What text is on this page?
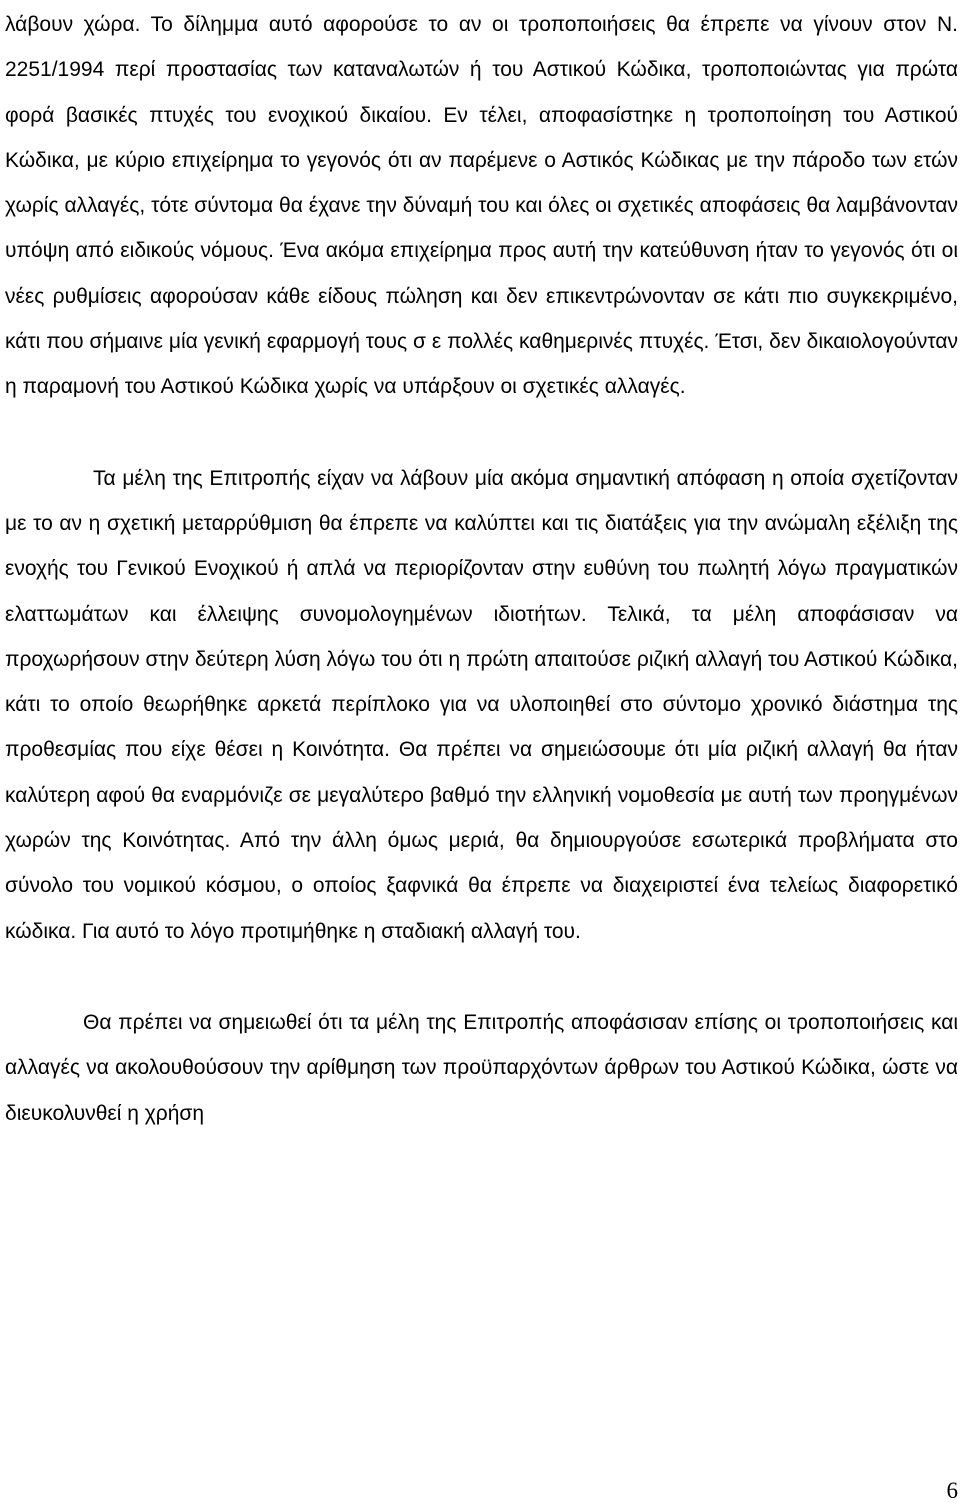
λάβουν χώρα. Το δίλημμα αυτό αφορούσε το αν οι τροποποιήσεις θα έπρεπε να γίνουν στον Ν. 2251/1994 περί προστασίας των καταναλωτών ή του Αστικού Κώδικα, τροποποιώντας για πρώτα φορά βασικές πτυχές του ενοχικού δικαίου. Εν τέλει, αποφασίστηκε η τροποποίηση του Αστικού Κώδικα, με κύριο επιχείρημα το γεγονός ότι αν παρέμενε ο Αστικός Κώδικας με την πάροδο των ετών χωρίς αλλαγές, τότε σύντομα θα έχανε την δύναμή του και όλες οι σχετικές αποφάσεις θα λαμβάνονταν υπόψη από ειδικούς νόμους. Ένα ακόμα επιχείρημα προς αυτή την κατεύθυνση ήταν το γεγονός ότι οι νέες ρυθμίσεις αφορούσαν κάθε είδους πώληση και δεν επικεντρώνονταν σε κάτι πιο συγκεκριμένο, κάτι που σήμαινε μία γενική εφαρμογή τους σ ε πολλές καθημερινές πτυχές. Έτσι, δεν δικαιολογούνταν η παραμονή του Αστικού Κώδικα χωρίς να υπάρξουν οι σχετικές αλλαγές.

Τα μέλη της Επιτροπής είχαν να λάβουν μία ακόμα σημαντική απόφαση η οποία σχετίζονταν με το αν η σχετική μεταρρύθμιση θα έπρεπε να καλύπτει και τις διατάξεις για την ανώμαλη εξέλιξη της ενοχής του Γενικού Ενοχικού ή απλά να περιορίζονταν στην ευθύνη του πωλητή λόγω πραγματικών ελαττωμάτων και έλλειψης συνομολογημένων ιδιοτήτων. Τελικά, τα μέλη αποφάσισαν να προχωρήσουν στην δεύτερη λύση λόγω του ότι η πρώτη απαιτούσε ριζική αλλαγή του Αστικού Κώδικα, κάτι το οποίο θεωρήθηκε αρκετά περίπλοκο για να υλοποιηθεί στο σύντομο χρονικό διάστημα της προθεσμίας που είχε θέσει η Κοινότητα. Θα πρέπει να σημειώσουμε ότι μία ριζική αλλαγή θα ήταν καλύτερη αφού θα εναρμόνιζε σε μεγαλύτερο βαθμό την ελληνική νομοθεσία με αυτή των προηγμένων χωρών της Κοινότητας. Από την άλλη όμως μεριά, θα δημιουργούσε εσωτερικά προβλήματα στο σύνολο του νομικού κόσμου, ο οποίος ξαφνικά θα έπρεπε να διαχειριστεί ένα τελείως διαφορετικό κώδικα. Για αυτό το λόγο προτιμήθηκε η σταδιακή αλλαγή του.

Θα πρέπει να σημειωθεί ότι τα μέλη της Επιτροπής αποφάσισαν επίσης οι τροποποιήσεις και αλλαγές να ακολουθούσουν την αρίθμηση των προϋπαρχόντων άρθρων του Αστικού Κώδικα, ώστε να διευκολυνθεί η χρήση

6
